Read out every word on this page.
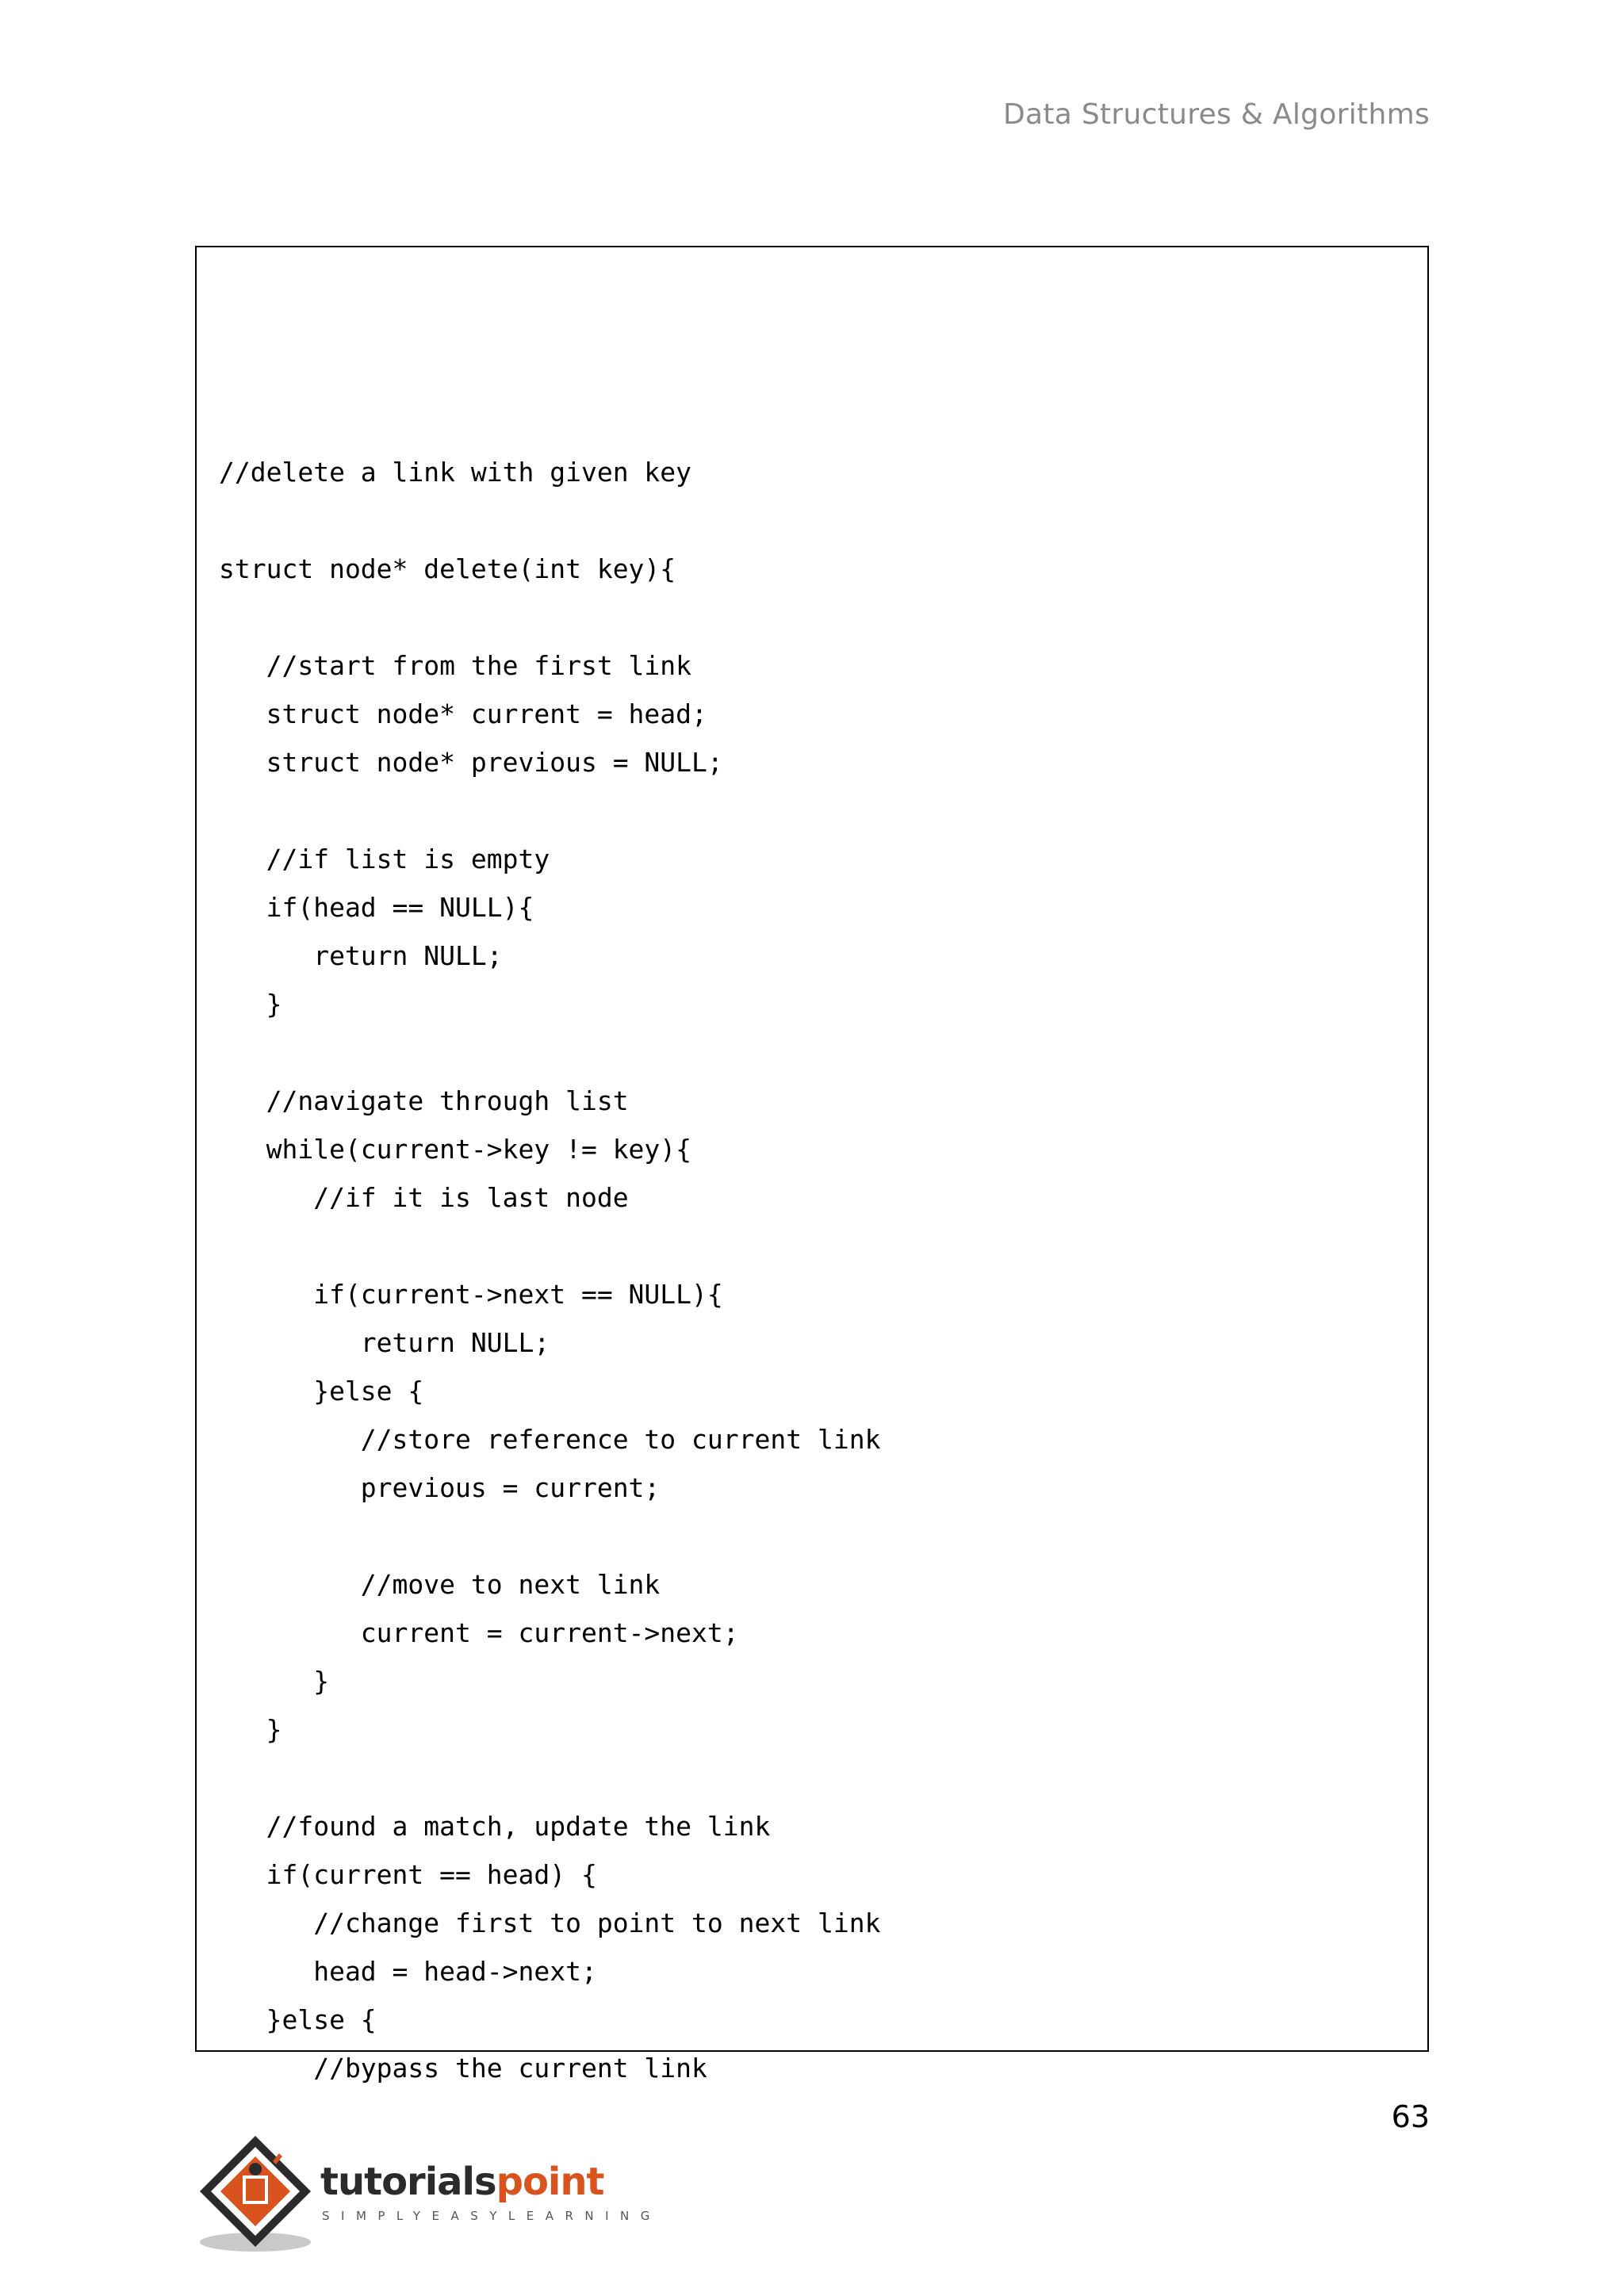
Data Structures & Algorithms
//delete a link with given key
struct node* delete(int key){
//start from the first link
struct node* current = head;
struct node* previous = NULL;
//if list is empty
if(head == NULL){
return NULL;
}
//navigate through list
while(current->key != key){
//if it is last node
if(current->next == NULL){
return NULL;
}else {
//store reference to current link
previous = current;
//move to next link
current = current->next;
}
}
//found a match, update the link
if(current == head) {
//change first to point to next link
head = head->next;
}else {
//bypass the current link
63
tutorialspoint
SIMPLYEASYLEARNING
